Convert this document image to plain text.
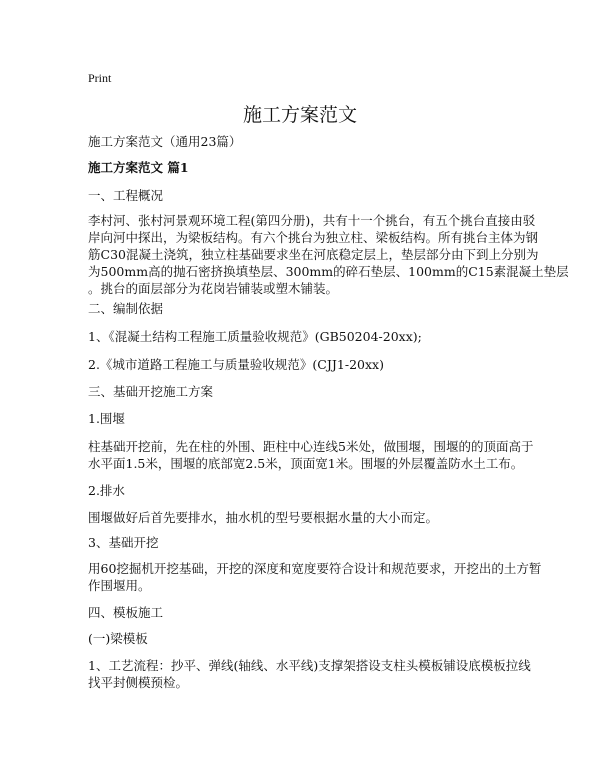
Print
施工方案范文
施工方案范文（通用23篇）
施工方案范文 篇1
一、工程概况
李村河、张村河景观环境工程(第四分册)，共有十一个挑台，有五个挑台直接由驳
岸向河中探出，为梁板结构。有六个挑台为独立柱、梁板结构。所有挑台主体为钢
筋C30混凝土浇筑，独立柱基础要求坐在河底稳定层上，垫层部分由下到上分别为
为500mm高的抛石密挤换填垫层、300mm的碎石垫层、100mm的C15素混凝土垫层
。挑台的面层部分为花岗岩铺装或塑木铺装。
二、编制依据
1、《混凝土结构工程施工质量验收规范》(GB50204-20xx);
2.《城市道路工程施工与质量验收规范》(CJJ1-20xx)
三、基础开挖施工方案
1.围堰
柱基础开挖前，先在柱的外围、距柱中心连线5米处，做围堰，围堰的的顶面高于
水平面1.5米，围堰的底部宽2.5米，顶面宽1米。围堰的外层覆盖防水土工布。
2.排水
围堰做好后首先要排水，抽水机的型号要根据水量的大小而定。
3、基础开挖
用60挖掘机开挖基础，开挖的深度和宽度要符合设计和规范要求，开挖出的土方暂
作围堰用。
四、模板施工
(一)梁模板
1、工艺流程：抄平、弹线(轴线、水平线)支撑架搭设支柱头模板铺设底模板拉线
找平封侧模预检。
